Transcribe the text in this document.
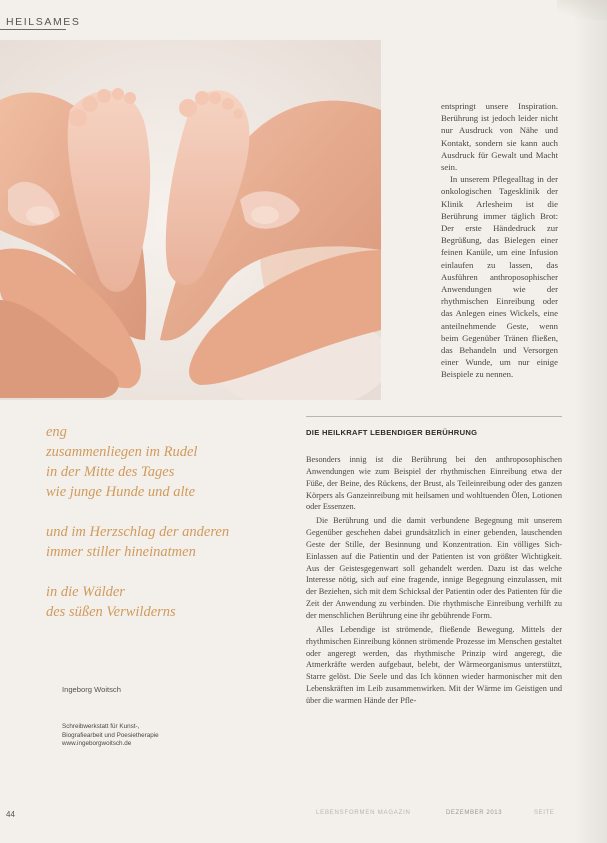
HEILSAMES

entspringt unsere Inspiration. Berührung ist jedoch leider nicht nur Ausdruck von Nähe und Kontakt, sondern sie kann auch Ausdruck für Gewalt und Macht sein.

In unserem Pflegealltag in der onkologischen Tagesklinik der Klinik Arlesheim ist die Berührung immer täglich Brot: Der erste Händedruck zur Begrüßung, das Bielegen einer feinen Kanüle, um eine Infusion einlaufen zu lassen, das Ausführen anthroposophischer Anwendungen wie der rhythmischen Einreibung oder das Anlegen eines Wickels, eine anteilnehmende Geste, wenn beim Gegenüber Tränen fließen, das Behandeln und Versorgen einer Wunde, um nur einige Beispiele zu nennen.

eng
zusammenliegen im Rudel
in der Mitte des Tages
wie junge Hunde und alte
und im Herzschlag der anderen
immer stiller hineinatmen
in die Wälder
des süßen Verwilderns
Ingeborg Woitsch
Schreibwerkstatt für Kunst-,
Biografiearbeit und Poesietherapie
www.ingeborgwoitsch.de
DIE HEILKRAFT LEBENDIGER BERÜHRUNG

Besonders innig ist die Berührung bei den anthroposophischen Anwendungen wie zum Beispiel der rhythmischen Einreibung etwa der Füße, der Beine, des Rückens, der Brust, als Teileinreibung oder des ganzen Körpers als Ganzeinreibung mit heilsamen und wohltuenden Ölen, Lotionen oder Essenzen.

Die Berührung und die damit verbundene Begegnung mit unserem Gegenüber geschehen dabei grundsätzlich in einer gebenden, lauschenden Geste der Stille, der Besinnung und Konzentration. Ein völliges Sich-Einlassen auf die Patientin und der Patienten ist von größter Wichtigkeit. Aus der Geistesgegenwart soll gehandelt werden. Dazu ist das welche Interesse nötig, sich auf eine fragende, innige Begegnung einzulassen, mit der Beziehen, sich mit dem Schicksal der Patientin oder des Patienten für die Zeit der Anwendung zu verbinden. Die rhythmische Einreibung verhilft zu der menschlichen Berührung eine ihr gebührende Form.

Alles Lebendige ist strömende, fließende Bewegung. Mittels der rhythmischen Einreibung können strömende Prozesse im Menschen gestaltet oder angeregt werden, das rhythmische Prinzip wird angeregt, die Atmerkräfte werden aufgebaut, belebt, der Wärmeorganismus unterstützt, Starre gelöst. Die Seele und das Ich können wieder harmonischer mit den Lebenskräften im Leib zusammenwirken. Mit der Wärme im Geistigen und über die warmen Hände der Pfle-

44	LEBENSFORMEN MAGAZIN	DEZEMBER 2013	SEITE
